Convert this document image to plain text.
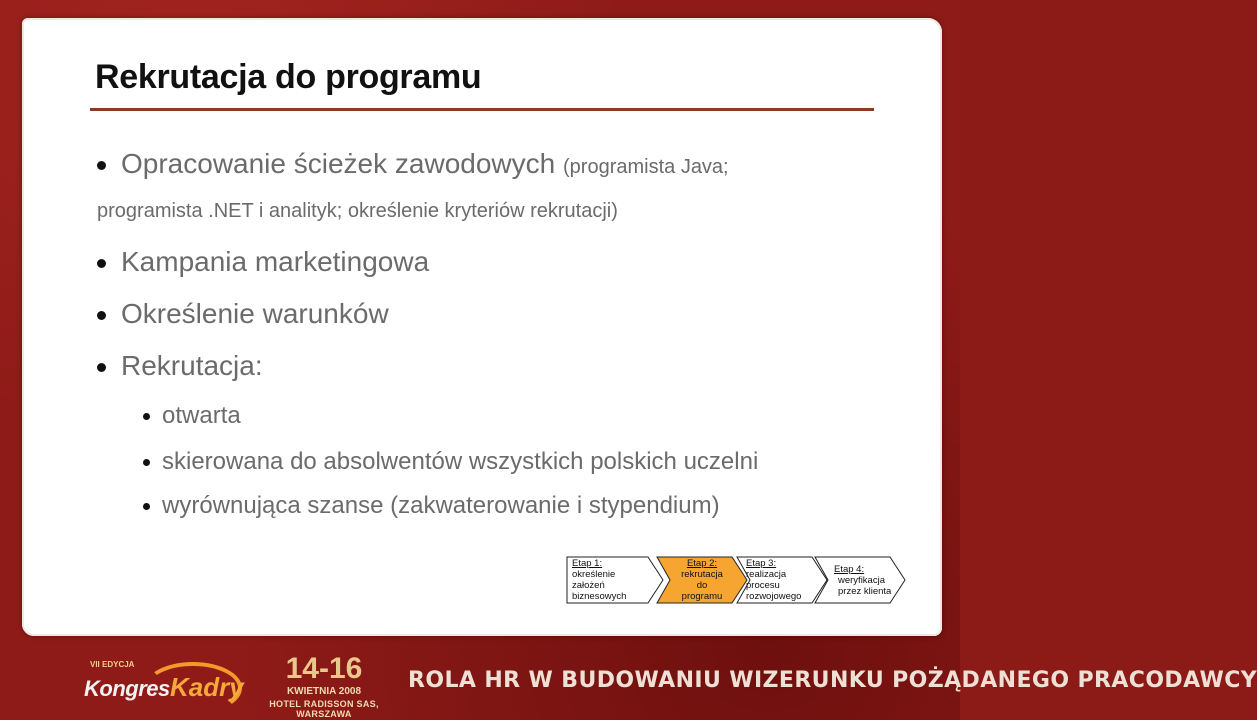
Rekrutacja do programu
Opracowanie ścieżek zawodowych (programista Java;
programista .NET i analityk; określenie kryteriów rekrutacji)
Kampania marketingowa
Określenie warunków
Rekrutacja:
otwarta
skierowana do absolwentów wszystkich polskich uczelni
wyrównująca szanse (zakwaterowanie i stypendium)
Etap 1:
określenie
założeń
biznesowych
Etap 2:
rekrutacja
do
programu
Etap 3:
realizacja
procesu
rozwojowego
Etap 4:
weryfikacja
przez klienta
VII EDYCJA
Kongres Kadry
14-16
KWIETNIA 2008
HOTEL RADISSON SAS, WARSZAWA
ROLA HR W BUDOWANIU WIZERUNKU POŻĄDANEGO PRACODAWCY
